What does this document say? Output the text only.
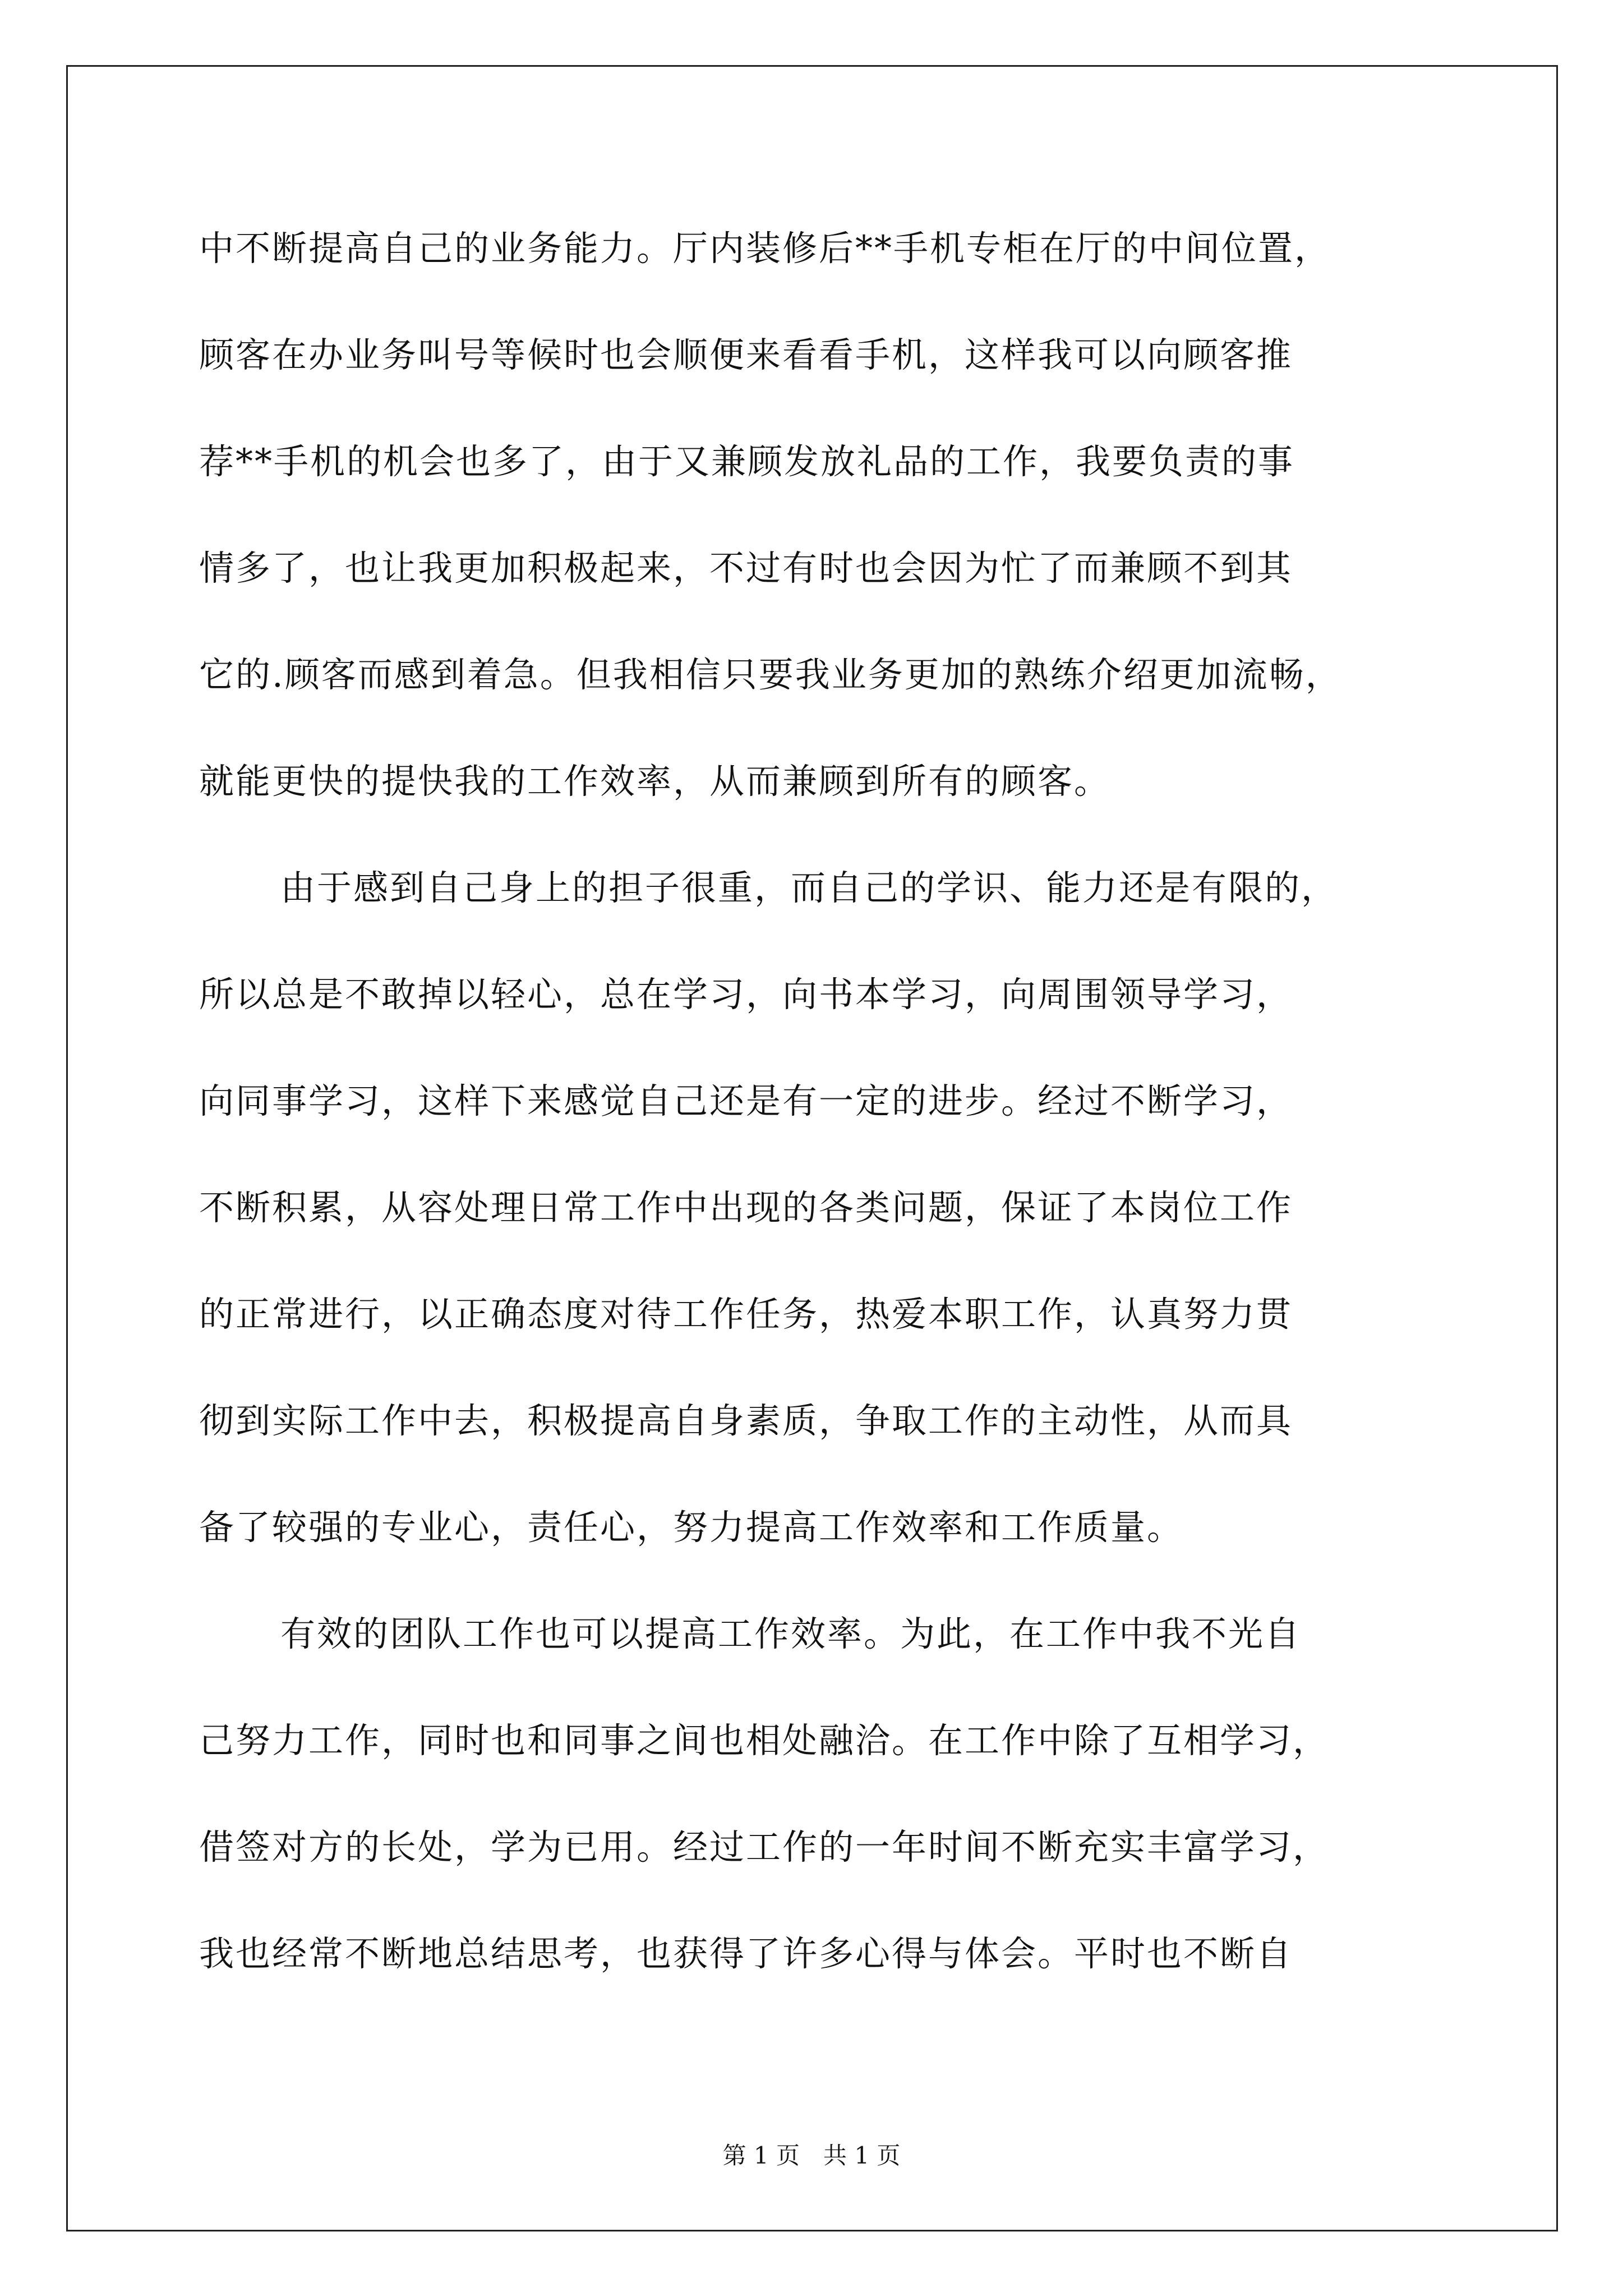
中不断提高自己的业务能力。厅内装修后**手机专柜在厅的中间位置，
顾客在办业务叫号等候时也会顺便来看看手机，这样我可以向顾客推
荐**手机的机会也多了，由于又兼顾发放礼品的工作，我要负责的事
情多了，也让我更加积极起来，不过有时也会因为忙了而兼顾不到其
它的.顾客而感到着急。但我相信只要我业务更加的熟练介绍更加流畅，
就能更快的提快我的工作效率，从而兼顾到所有的顾客。
由于感到自己身上的担子很重，而自己的学识、能力还是有限的，
所以总是不敢掉以轻心，总在学习，向书本学习，向周围领导学习，
向同事学习，这样下来感觉自己还是有一定的进步。经过不断学习，
不断积累，从容处理日常工作中出现的各类问题，保证了本岗位工作
的正常进行，以正确态度对待工作任务，热爱本职工作，认真努力贯
彻到实际工作中去，积极提高自身素质，争取工作的主动性，从而具
备了较强的专业心，责任心，努力提高工作效率和工作质量。
有效的团队工作也可以提高工作效率。为此，在工作中我不光自
己努力工作，同时也和同事之间也相处融洽。在工作中除了互相学习，
借签对方的长处，学为已用。经过工作的一年时间不断充实丰富学习，
我也经常不断地总结思考，也获得了许多心得与体会。平时也不断自
第 1 页　共 1 页
